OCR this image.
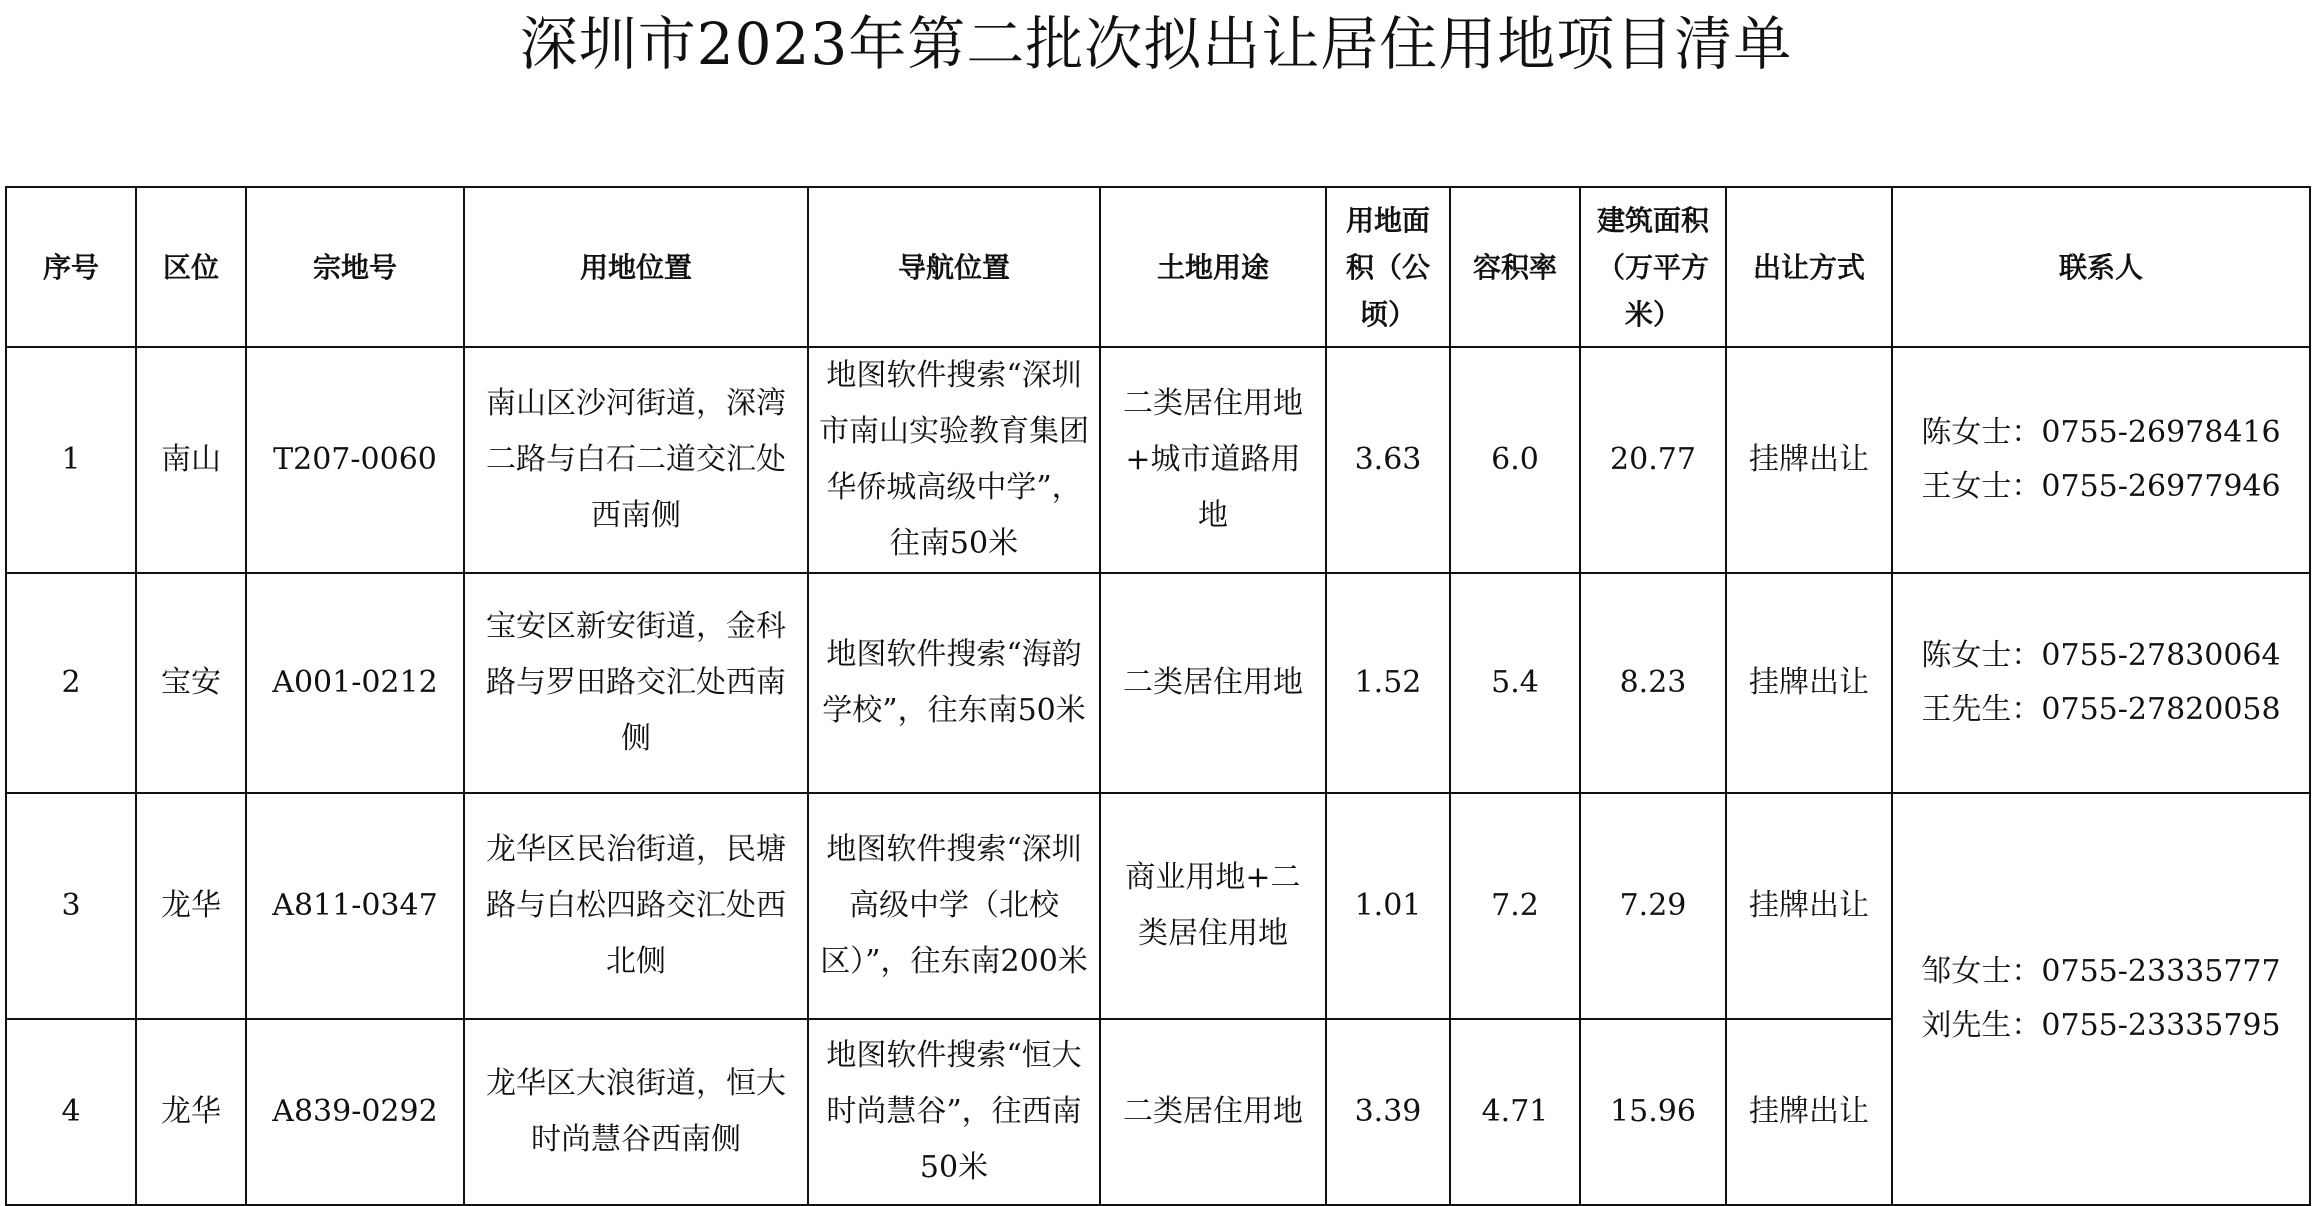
深圳市2023年第二批次拟出让居住用地项目清单
序号	区位	宗地号	用地位置	导航位置	土地用途	用地面积（公顷）	容积率	建筑面积（万平方米）	出让方式	联系人
1	南山	T207-0060	南山区沙河街道，深湾二路与白石二道交汇处西南侧	地图软件搜索“深圳市南山实验教育集团华侨城高级中学”，往南50米	二类居住用地+城市道路用地	3.63	6.0	20.77	挂牌出让	陈女士：0755-26978416
王女士：0755-26977946

2	宝安	A001-0212	宝安区新安街道，金科路与罗田路交汇处西南侧	地图软件搜索“海韵学校”，往东南50米	二类居住用地	1.52	5.4	8.23	挂牌出让	陈女士：0755-27830064
王先生：0755-27820058

3	龙华	A811-0347	龙华区民治街道，民塘路与白松四路交汇处西北侧	地图软件搜索“深圳高级中学（北校区）”，往东南200米	商业用地+二类居住用地	1.01	7.2	7.29	挂牌出让	邹女士：0755-23335777
刘先生：0755-23335795

4	龙华	A839-0292	龙华区大浪街道，恒大时尚慧谷西南侧	地图软件搜索“恒大时尚慧谷”，往西南50米	二类居住用地	3.39	4.71	15.96	挂牌出让	
